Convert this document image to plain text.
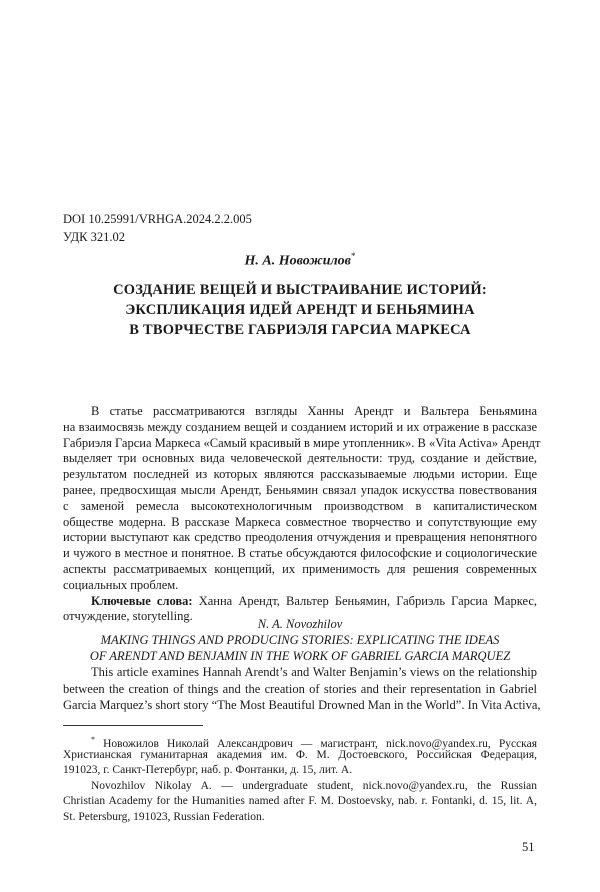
DOI 10.25991/VRHGA.2024.2.2.005
УДК 321.02
Н. А. Новожилов*
СОЗДАНИЕ ВЕЩЕЙ И ВЫСТРАИВАНИЕ ИСТОРИЙ:
ЭКСПЛИКАЦИЯ ИДЕЙ АРЕНДТ И БЕНЬЯМИНА
В ТВОРЧЕСТВЕ ГАБРИЭЛЯ ГАРСИА МАРКЕСА
В статье рассматриваются взгляды Ханны Арендт и Вальтера Беньямина
на взаимосвязь между созданием вещей и созданием историй и их отражение в рассказе
Габриэля Гарсиа Маркеса «Самый красивый в мире утопленник». В «Vita Activa» Арендт
выделяет три основных вида человеческой деятельности: труд, создание и действие,
результатом последней из которых являются рассказываемые людьми истории. Еще
ранее, предвосхищая мысли Арендт, Беньямин связал упадок искусства повествования
с заменой ремесла высокотехнологичным производством в капиталистическом
обществе модерна. В рассказе Маркеса совместное творчество и сопутствующие ему
истории выступают как средство преодоления отчуждения и превращения непонятного
и чужого в местное и понятное. В статье обсуждаются философские и социологические
аспекты рассматриваемых концепций, их применимость для решения современных
социальных проблем.
Ключевые слова: Ханна Арендт, Вальтер Беньямин, Габриэль Гарсиа Маркес,
отчуждение, storytelling.
N. A. Novozhilov
MAKING THINGS AND PRODUCING STORIES: EXPLICATING THE IDEAS
OF ARENDT AND BENJAMIN IN THE WORK OF GABRIEL GARCIA MARQUEZ
This article examines Hannah Arendt’s and Walter Benjamin’s views on the relationship
between the creation of things and the creation of stories and their representation in Gabriel
Garcia Marquez’s short story “The Most Beautiful Drowned Man in the World”. In Vita Activa,
* Новожилов Николай Александрович — магистрант, nick.novo@yandex.ru, Русская
Христианская гуманитарная академия им. Ф. М. Достоевского, Российская Федерация,
191023, г. Санкт-Петербург, наб. р. Фонтанки, д. 15, лит. А.
Novozhilov Nikolay A. — undergraduate student, nick.novo@yandex.ru, the Russian
Christian Academy for the Humanities named after F. M. Dostoevsky, nab. r. Fontanki, d. 15, lit. A,
St. Petersburg, 191023, Russian Federation.
51
